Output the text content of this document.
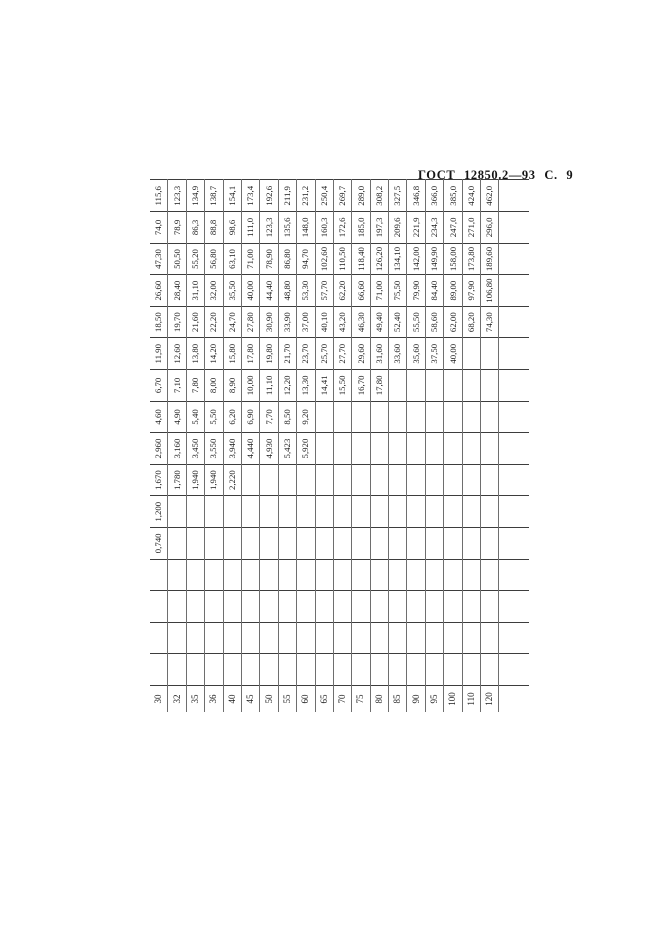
ГОСТ 12850.2—93 С. 9
30					0,740	1,200	1,670	2,960	4,60	6,70	11,90	18,50	26,60	47,30	74,0	115,6
32							1,780	3,160	4,90	7,10	12,60	19,70	28,40	50,50	78,9	123,3
35							1,940	3,450	5,40	7,80	13,80	21,60	31,10	55,20	86,3	134,9
36							1,940	3,550	5,50	8,00	14,20	22,20	32,00	56,80	88,8	138,7
40							2,220	3,940	6,20	8,90	15,80	24,70	35,50	63,10	98,6	154,1
45								4,440	6,90	10,00	17,80	27,80	40,00	71,00	111,0	173,4
50								4,930	7,70	11,10	19,80	30,90	44,40	78,90	123,3	192,6
55								5,423	8,50	12,20	21,70	33,90	48,80	86,80	135,6	211,9
60								5,920	9,20	13,30	23,70	37,00	53,30	94,70	148,0	231,2
65										14,41	25,70	40,10	57,70	102,60	160,3	250,4
70										15,50	27,70	43,20	62,20	110,50	172,6	269,7
75										16,70	29,60	46,30	66,60	118,40	185,0	289,0
80										17,80	31,60	49,40	71,00	126,20	197,3	308,2
85											33,60	52,40	75,50	134,10	209,6	327,5
90											35,60	55,50	79,90	142,00	221,9	346,8
95											37,50	58,60	84,40	149,90	234,3	366,0
100											40,00	62,00	89,00	158,00	247,0	385,0
110												68,20	97,90	173,80	271,0	424,0
120												74,30	106,80	189,60	296,0	462,0
